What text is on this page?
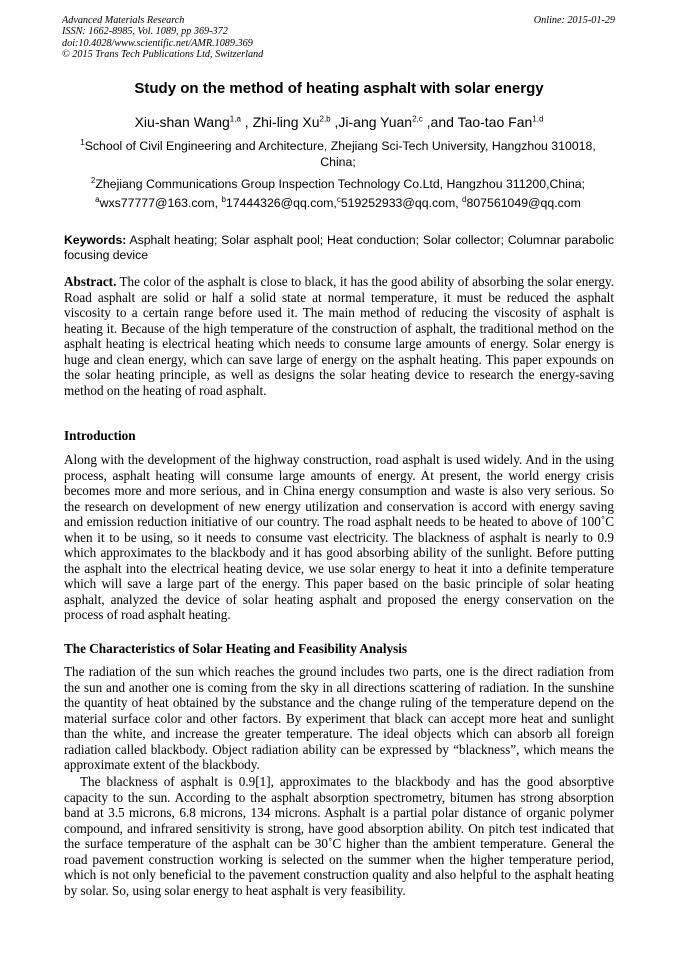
Advanced Materials Research
ISSN: 1662-8985, Vol. 1089, pp 369-372
doi:10.4028/www.scientific.net/AMR.1089.369
© 2015 Trans Tech Publications Ltd, Switzerland
Online: 2015-01-29
Study on the method of heating asphalt with solar energy
Xiu-shan Wang$^{1,a}$ , Zhi-ling Xu$^{2,b}$ ,Ji-ang Yuan$^{2,c}$ ,and Tao-tao Fan$^{1,d}$
$^1$School of Civil Engineering and Architecture, Zhejiang Sci-Tech University, Hangzhou 310018, China;
$^2$Zhejiang Communications Group Inspection Technology Co.Ltd, Hangzhou 311200,China;
$^a$wxs77777@163.com, $^b$17444326@qq.com,$^c$519252933@qq.com, $^d$807561049@qq.com
Keywords: Asphalt heating; Solar asphalt pool; Heat conduction; Solar collector; Columnar parabolic focusing device

Abstract. The color of the asphalt is close to black, it has the good ability of absorbing the solar energy. Road asphalt are solid or half a solid state at normal temperature, it must be reduced the asphalt viscosity to a certain range before used it. The main method of reducing the viscosity of asphalt is heating it. Because of the high temperature of the construction of asphalt, the traditional method on the asphalt heating is electrical heating which needs to consume large amounts of energy. Solar energy is huge and clean energy, which can save large of energy on the asphalt heating. This paper expounds on the solar heating principle, as well as designs the solar heating device to research the energy-saving method on the heating of road asphalt.

Introduction

Along with the development of the highway construction, road asphalt is used widely. And in the using process, asphalt heating will consume large amounts of energy. At present, the world energy crisis becomes more and more serious, and in China energy consumption and waste is also very serious. So the research on development of new energy utilization and conservation is accord with energy saving and emission reduction initiative of our country. The road asphalt needs to be heated to above of 100˚C when it to be using, so it needs to consume vast electricity. The blackness of asphalt is nearly to 0.9 which approximates to the blackbody and it has good absorbing ability of the sunlight. Before putting the asphalt into the electrical heating device, we use solar energy to heat it into a definite temperature which will save a large part of the energy. This paper based on the basic principle of solar heating asphalt, analyzed the device of solar heating asphalt and proposed the energy conservation on the process of road asphalt heating.

The Characteristics of Solar Heating and Feasibility Analysis

The radiation of the sun which reaches the ground includes two parts, one is the direct radiation from the sun and another one is coming from the sky in all directions scattering of radiation. In the sunshine the quantity of heat obtained by the substance and the change ruling of the temperature depend on the material surface color and other factors. By experiment that black can accept more heat and sunlight than the white, and increase the greater temperature. The ideal objects which can absorb all foreign radiation called blackbody. Object radiation ability can be expressed by “blackness”, which means the approximate extent of the blackbody.

The blackness of asphalt is 0.9[1], approximates to the blackbody and has the good absorptive capacity to the sun. According to the asphalt absorption spectrometry, bitumen has strong absorption band at 3.5 microns, 6.8 microns, 134 microns. Asphalt is a partial polar distance of organic polymer compound, and infrared sensitivity is strong, have good absorption ability. On pitch test indicated that the surface temperature of the asphalt can be 30˚C higher than the ambient temperature. General the road pavement construction working is selected on the summer when the higher temperature period, which is not only beneficial to the pavement construction quality and also helpful to the asphalt heating by solar. So, using solar energy to heat asphalt is very feasibility.
